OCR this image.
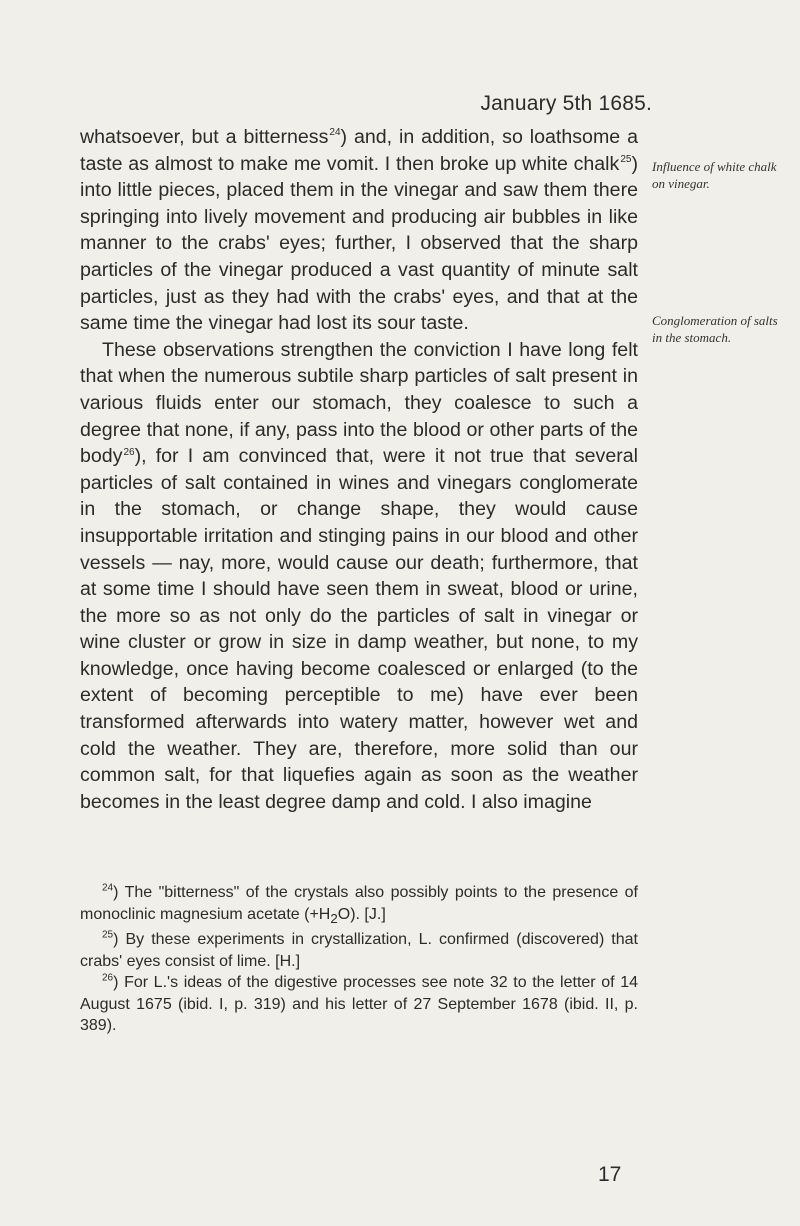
January 5th 1685.

whatsoever, but a bitterness$^{24}$) and, in addition, so loathsome a taste as almost to make me vomit. I then broke up white chalk$^{25}$) into little pieces, placed them in the vinegar and saw them there springing into lively movement and producing air bubbles in like manner to the crabs' eyes; further, I observed that the sharp particles of the vinegar produced a vast quantity of minute salt particles, just as they had with the crabs' eyes, and that at the same time the vinegar had lost its sour taste.

These observations strengthen the conviction I have long felt that when the numerous subtile sharp particles of salt present in various fluids enter our stomach, they coalesce to such a degree that none, if any, pass into the blood or other parts of the body$^{26}$), for I am convinced that, were it not true that several particles of salt contained in wines and vinegars conglomerate in the stomach, or change shape, they would cause insupportable irritation and stinging pains in our blood and other vessels — nay, more, would cause our death; furthermore, that at some time I should have seen them in sweat, blood or urine, the more so as not only do the particles of salt in vinegar or wine cluster or grow in size in damp weather, but none, to my knowledge, once having become coalesced or enlarged (to the extent of becoming perceptible to me) have ever been transformed afterwards into watery matter, however wet and cold the weather. They are, therefore, more solid than our common salt, for that liquefies again as soon as the weather becomes in the least degree damp and cold. I also imagine

Influence of white chalk on vinegar.
Conglomeration of salts in the stomach.

$^{24}$) The "bitterness" of the crystals also possibly points to the presence of monoclinic magnesium acetate $(+H_2O)$. [J.]

$^{25}$) By these experiments in crystallization, L. confirmed (discovered) that crabs' eyes consist of lime. [H.]

$^{26}$) For L.'s ideas of the digestive processes see note 32 to the letter of 14 August 1675 (ibid. I, p. 319) and his letter of 27 September 1678 (ibid. II, p. 389).

17
